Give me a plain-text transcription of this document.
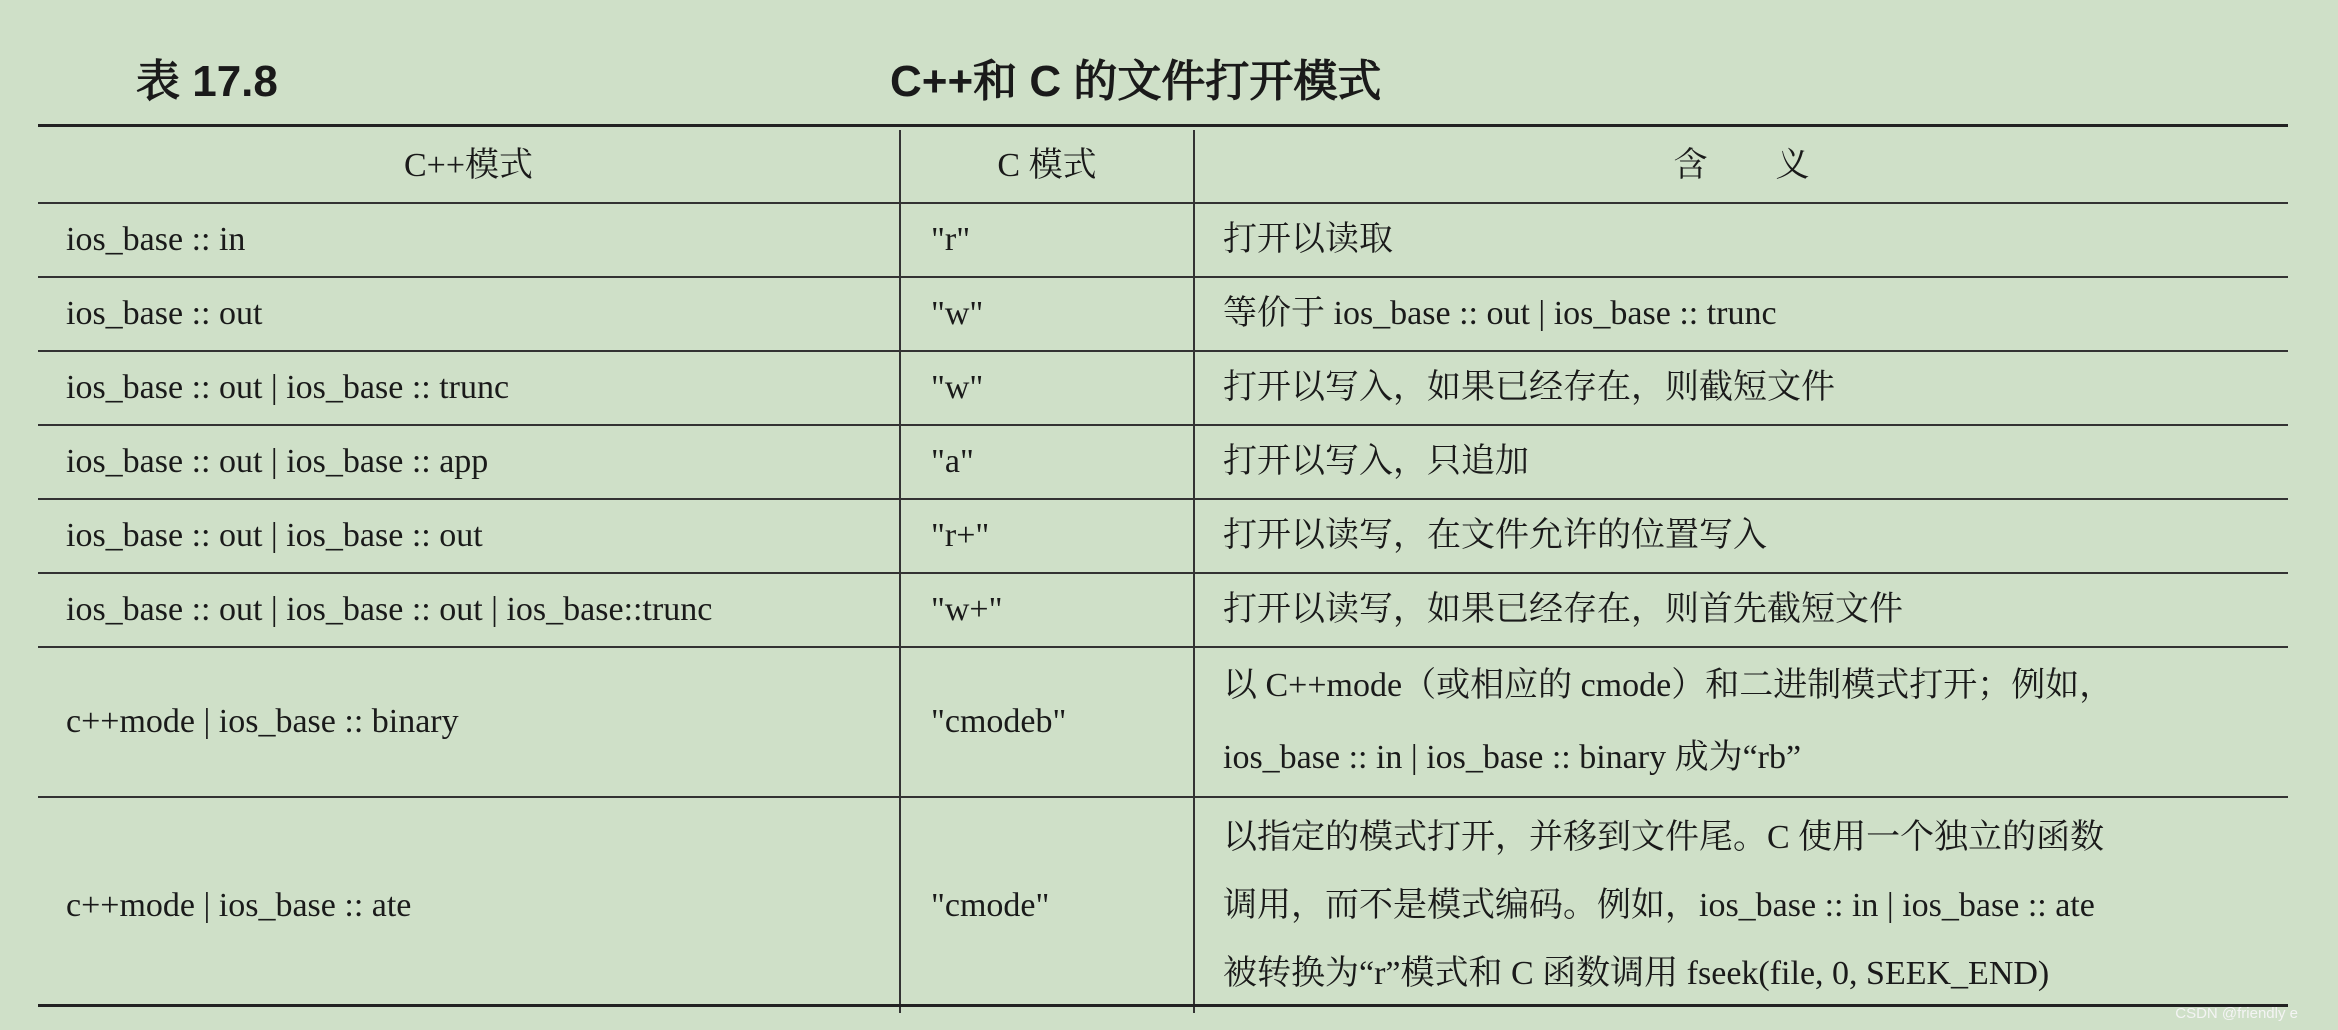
表 17.8	C++和 C 的文件打开模式
C++模式	C 模式	含　　义
ios_base :: in	"r"	打开以读取

ios_base :: out	"w"	等价于 ios_base :: out | ios_base :: trunc

ios_base :: out | ios_base :: trunc	"w"	打开以写入，如果已经存在，则截短文件

ios_base :: out | ios_base :: app	"a"	打开以写入，只追加

ios_base :: out | ios_base :: out	"r+"	打开以读写，在文件允许的位置写入

ios_base :: out | ios_base :: out | ios_base::trunc	"w+"	打开以读写，如果已经存在，则首先截短文件

c++mode | ios_base :: binary	"cmodeb"	以 C++mode（或相应的 cmode）和二进制模式打开；例如，
ios_base :: in | ios_base :: binary 成为“rb”

c++mode | ios_base :: ate	"cmode"	以指定的模式打开，并移到文件尾。C 使用一个独立的函数
调用，而不是模式编码。例如，ios_base :: in | ios_base :: ate
被转换为“r”模式和 C 函数调用 fseek(file, 0, SEEK_END)
CSDN @friendly e
